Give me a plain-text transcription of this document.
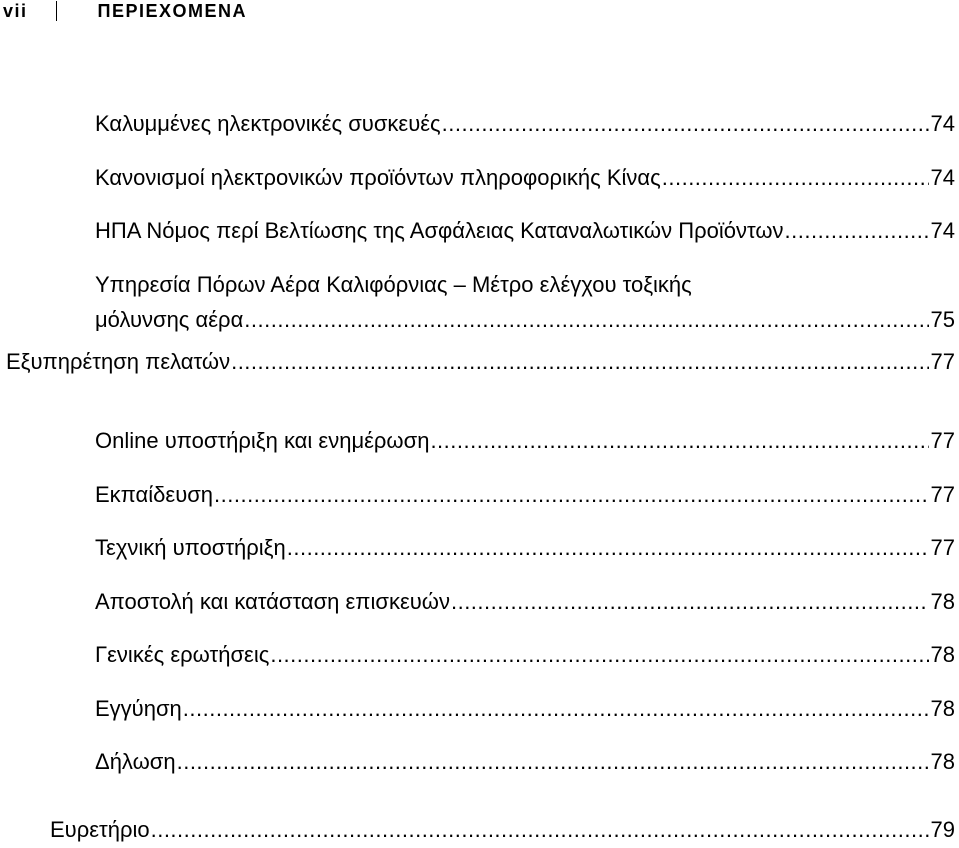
vii	ΠΕΡΙΕΧΟΜΕΝΑ
Καλυμμένες ηλεκτρονικές συσκευές .....	74
Κανονισμοί ηλεκτρονικών προϊόντων πληροφορικής Κίνας .....	74
ΗΠΑ Νόμος περί Βελτίωσης της Ασφάλειας Καταναλωτικών Προϊόντων .....	74
Υπηρεσία Πόρων Αέρα Καλιφόρνιας – Μέτρο ελέγχου τοξικής
μόλυνσης αέρα .....	75
Εξυπηρέτηση πελατών .....	77
Online υποστήριξη και ενημέρωση .....	77
Εκπαίδευση .....	77
Τεχνική υποστήριξη .....	77
Αποστολή και κατάσταση επισκευών .....	78
Γενικές ερωτήσεις .....	78
Εγγύηση .....	78
Δήλωση .....	78
Ευρετήριο .....	79
